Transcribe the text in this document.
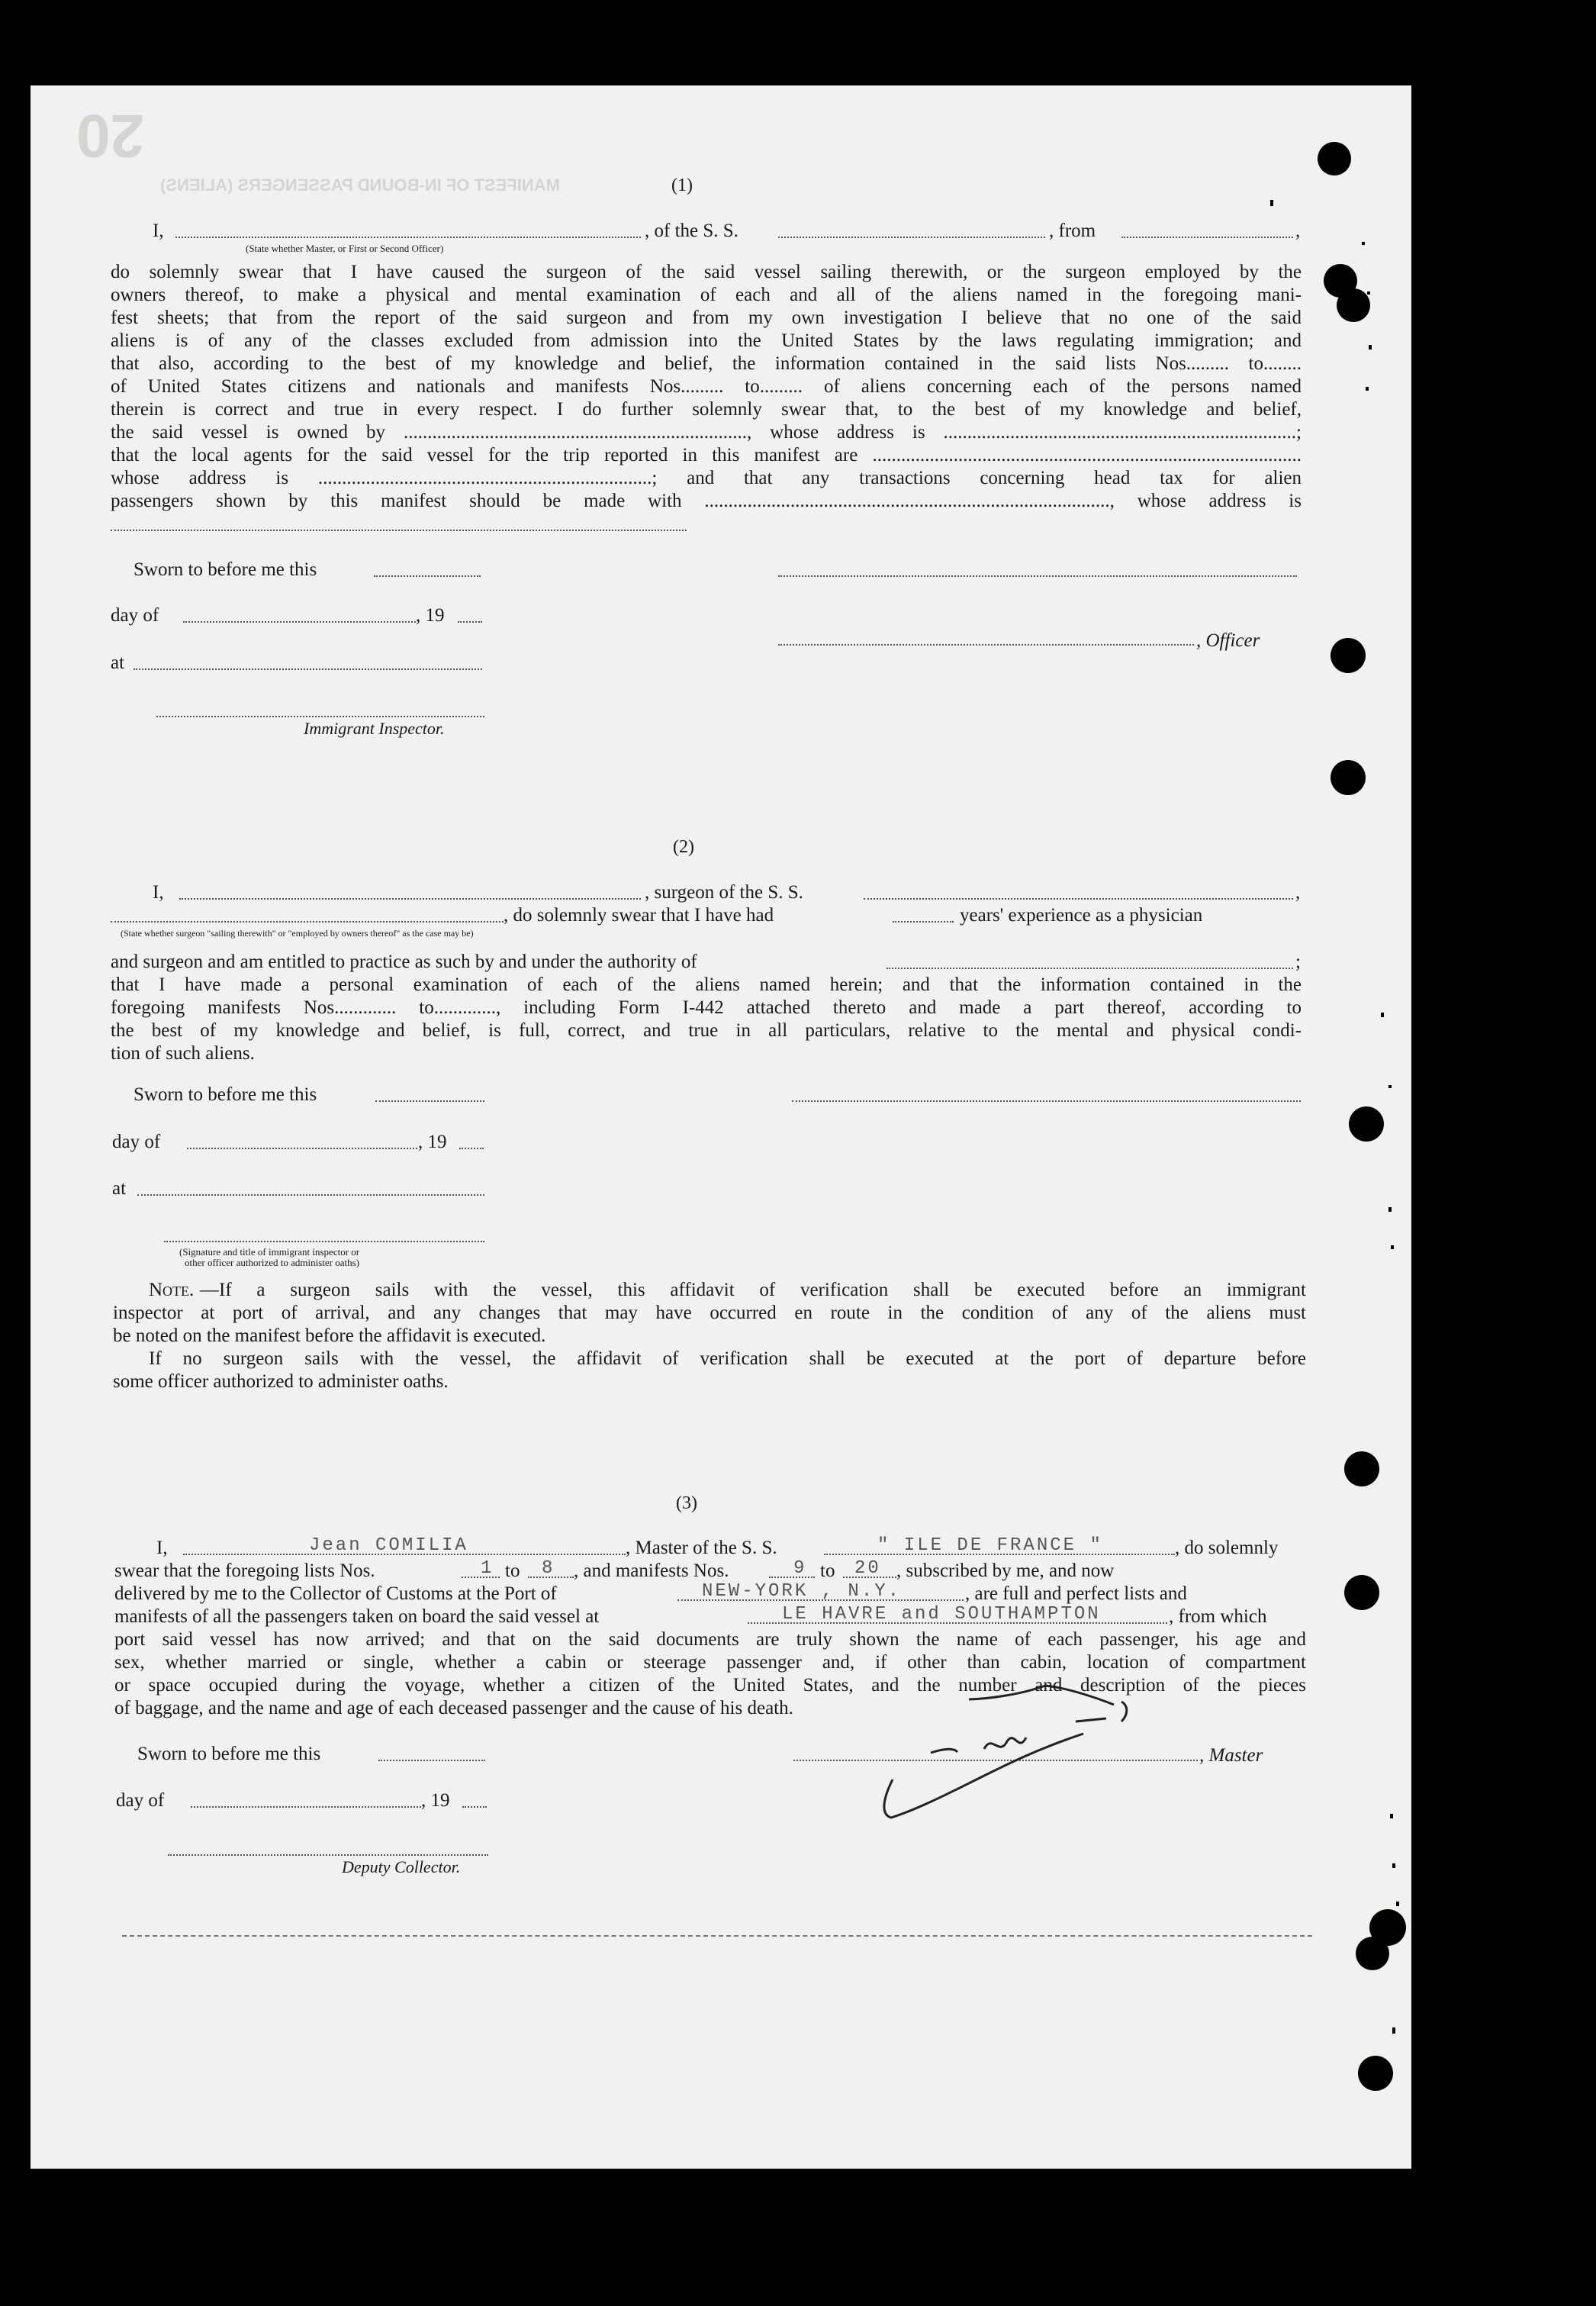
20
MANIFEST OF IN-BOUND PASSENGERS (ALIENS)	(1)
I,	, of the S. S.	, from	,
(State whether Master, or First or Second Officer)
do solemnly swear that I have caused the surgeon of the said vessel sailing therewith, or the surgeon employed by the
owners thereof, to make a physical and mental examination of each and all of the aliens named in the foregoing mani-
fest sheets; that from the report of the said surgeon and from my own investigation I believe that no one of the said
aliens is of any of the classes excluded from admission into the United States by the laws regulating immigration; and
that also, according to the best of my knowledge and belief, the information contained in the said lists Nos......... to........
of United States citizens and nationals and manifests Nos......... to......... of aliens concerning each of the persons named
therein is correct and true in every respect. I do further solemnly swear that, to the best of my knowledge and belief,
the said vessel is owned by ........................................................................, whose address is ..........................................................................;
that the local agents for the said vessel for the trip reported in this manifest are ..........................................................................................
whose address is ......................................................................; and that any transactions concerning head tax for alien
passengers shown by this manifest should be made with ....................................................................................., whose address is
Sworn to before me this
day of	, 19
, Officer
at
Immigrant Inspector.
(2)
I,	, surgeon of the S. S.	,
, do solemnly swear that I have had	years' experience as a physician
(State whether surgeon "sailing therewith" or "employed by owners thereof" as the case may be)
and surgeon and am entitled to practice as such by and under the authority of	;
that I have made a personal examination of each of the aliens named herein; and that the information contained in the
foregoing manifests Nos............. to............., including Form I-442 attached thereto and made a part thereof, according to
the best of my knowledge and belief, is full, correct, and true in all particulars, relative to the mental and physical condi-
tion of such aliens.
Sworn to before me this
day of	, 19
at
(Signature and title of immigrant inspector or
other officer authorized to administer oaths)
Note. —If a surgeon sails with the vessel, this affidavit of verification shall be executed before an immigrant
inspector at port of arrival, and any changes that may have occurred en route in the condition of any of the aliens must
be noted on the manifest before the affidavit is executed.
If no surgeon sails with the vessel, the affidavit of verification shall be executed at the port of departure before
some officer authorized to administer oaths.
(3)
I,	Jean COMILIA	, Master of the S. S.	" ILE DE FRANCE "	, do solemnly
swear that the foregoing lists Nos.	1 to 8 , and manifests Nos.	9 to 20 , subscribed by me, and now
delivered by me to the Collector of Customs at the Port of	NEW-YORK , N.Y.	, are full and perfect lists and
manifests of all the passengers taken on board the said vessel at	LE HAVRE and SOUTHAMPTON	, from which
port said vessel has now arrived; and that on the said documents are truly shown the name of each passenger, his age and
sex, whether married or single, whether a cabin or steerage passenger and, if other than cabin, location of compartment
or space occupied during the voyage, whether a citizen of the United States, and the number and description of the pieces
of baggage, and the name and age of each deceased passenger and the cause of his death.
Sworn to before me this	, Master
day of	, 19
Deputy Collector.
